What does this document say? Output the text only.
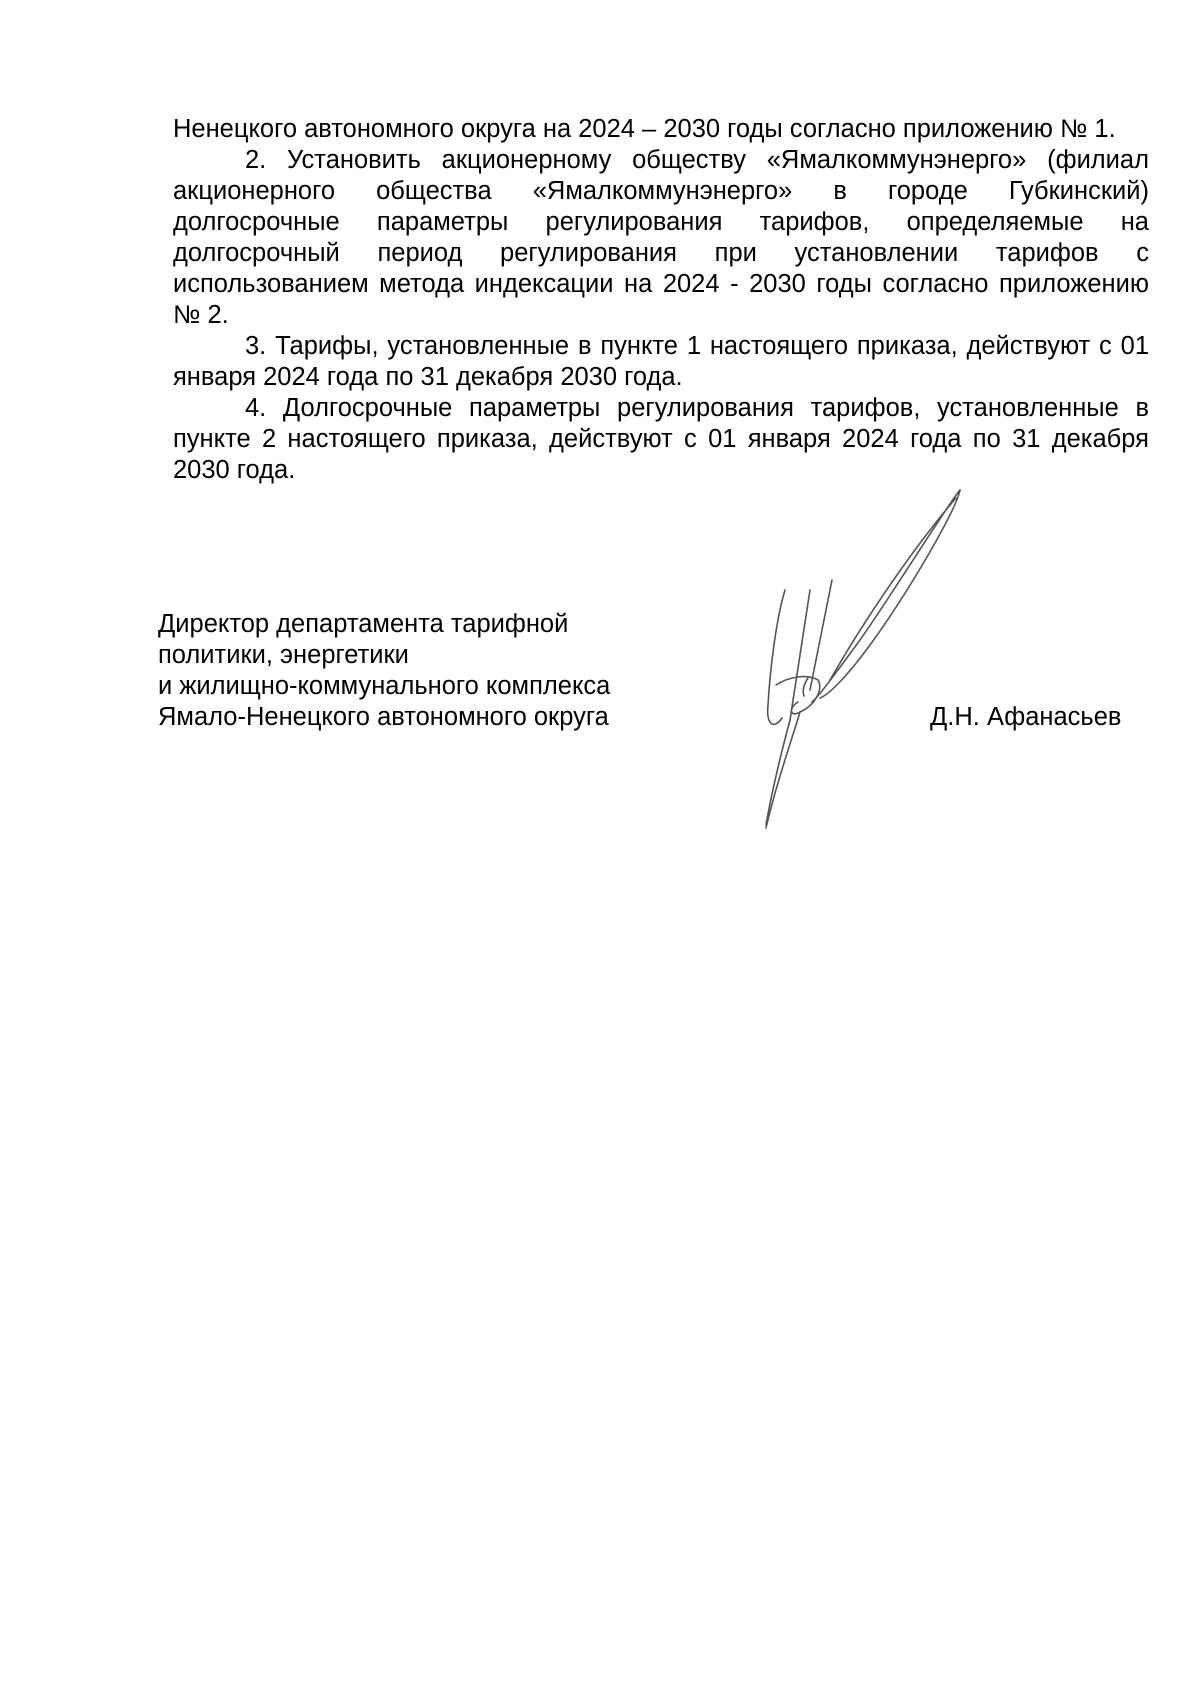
Ненецкого автономного округа на 2024 – 2030 годы согласно приложению № 1.

2. Установить акционерному обществу «Ямалкоммунэнерго» (филиал акционерного общества «Ямалкоммунэнерго» в городе Губкинский) долгосрочные параметры регулирования тарифов, определяемые на долгосрочный период регулирования при установлении тарифов с использованием метода индексации на 2024 - 2030 годы согласно приложению № 2.

3. Тарифы, установленные в пункте 1 настоящего приказа, действуют с 01 января 2024 года по 31 декабря 2030 года.

4. Долгосрочные параметры регулирования тарифов, установленные в пункте 2 настоящего приказа, действуют с 01 января 2024 года по 31 декабря 2030 года.

Директор департамента тарифной
политики, энергетики
и жилищно-коммунального комплекса
Ямало-Ненецкого автономного округа	Д.Н. Афанасьев
